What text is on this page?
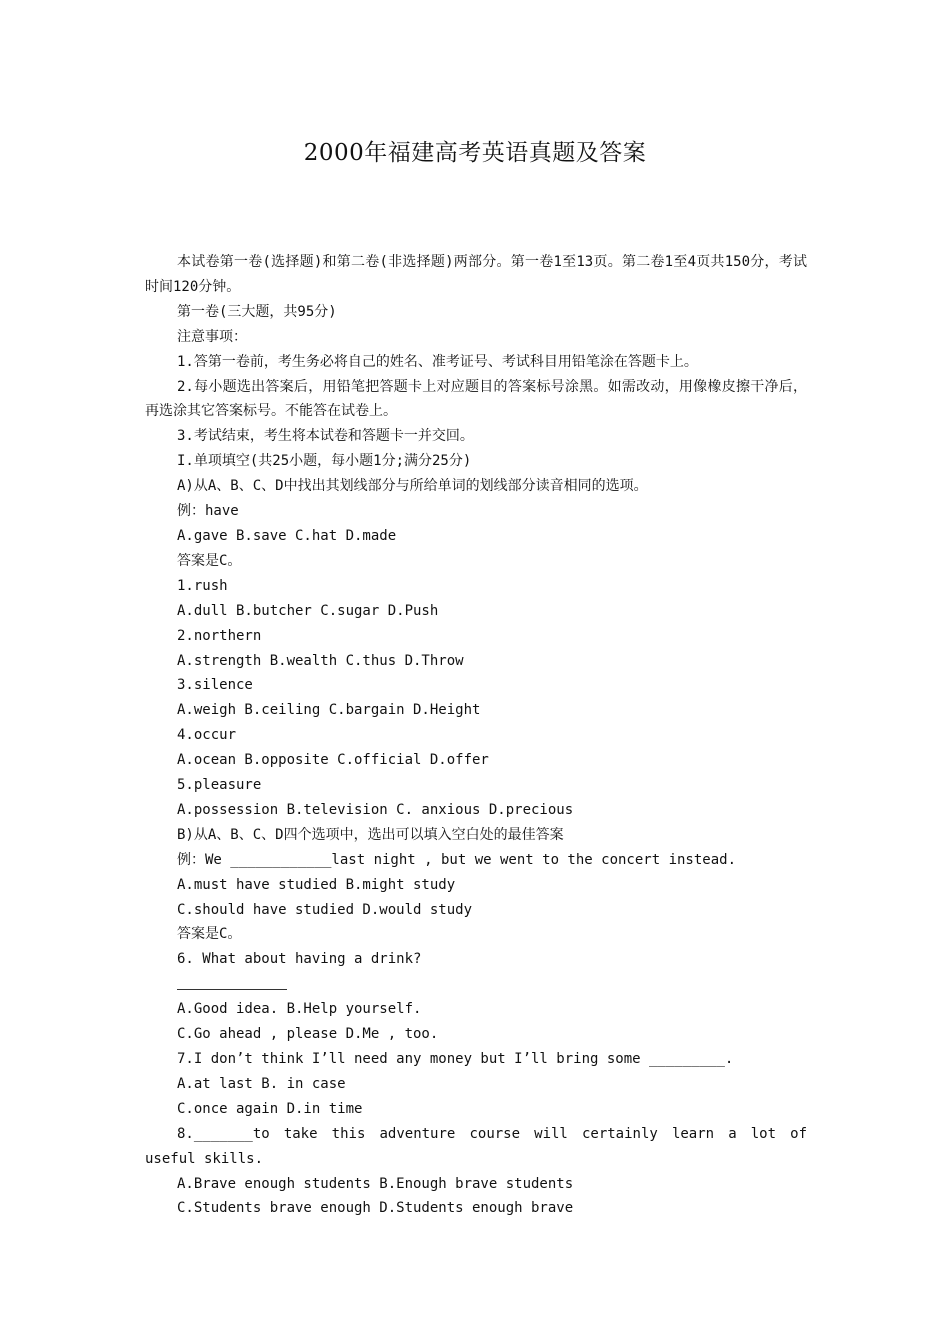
2000年福建高考英语真题及答案

本试卷第一卷(选择题)和第二卷(非选择题)两部分。第一卷1至13页。第二卷1至4页共150分，考试时间120分钟。

第一卷(三大题，共95分)

注意事项：

1.答第一卷前，考生务必将自己的姓名、准考证号、考试科目用铅笔涂在答题卡上。

2.每小题选出答案后，用铅笔把答题卡上对应题目的答案标号涂黑。如需改动，用像橡皮擦干净后，再选涂其它答案标号。不能答在试卷上。

3.考试结束，考生将本试卷和答题卡一并交回。

I.单项填空(共25小题，每小题1分;满分25分)

A)从A、B、C、D中找出其划线部分与所给单词的划线部分读音相同的选项。

例：have

A.gave B.save C.hat D.made

答案是C。

1.rush

A.dull B.butcher C.sugar D.Push

2.northern

A.strength B.wealth C.thus D.Throw

3.silence

A.weigh B.ceiling C.bargain D.Height

4.occur

A.ocean B.opposite C.official D.offer

5.pleasure

A.possession B.television C. anxious D.precious

B)从A、B、C、D四个选项中，选出可以填入空白处的最佳答案

例：We ____________last night , but we went to the concert instead.

A.must have studied B.might study

C.should have studied D.would study

答案是C。

6. What about having a drink?

A.Good idea. B.Help yourself.

C.Go ahead , please D.Me , too.

7.I don’t think I’ll need any money but I’ll bring some _________.

A.at last B. in case

C.once again D.in time

8._______to take this adventure course will certainly learn a lot of useful skills.

A.Brave enough students B.Enough brave students

C.Students brave enough D.Students enough brave
